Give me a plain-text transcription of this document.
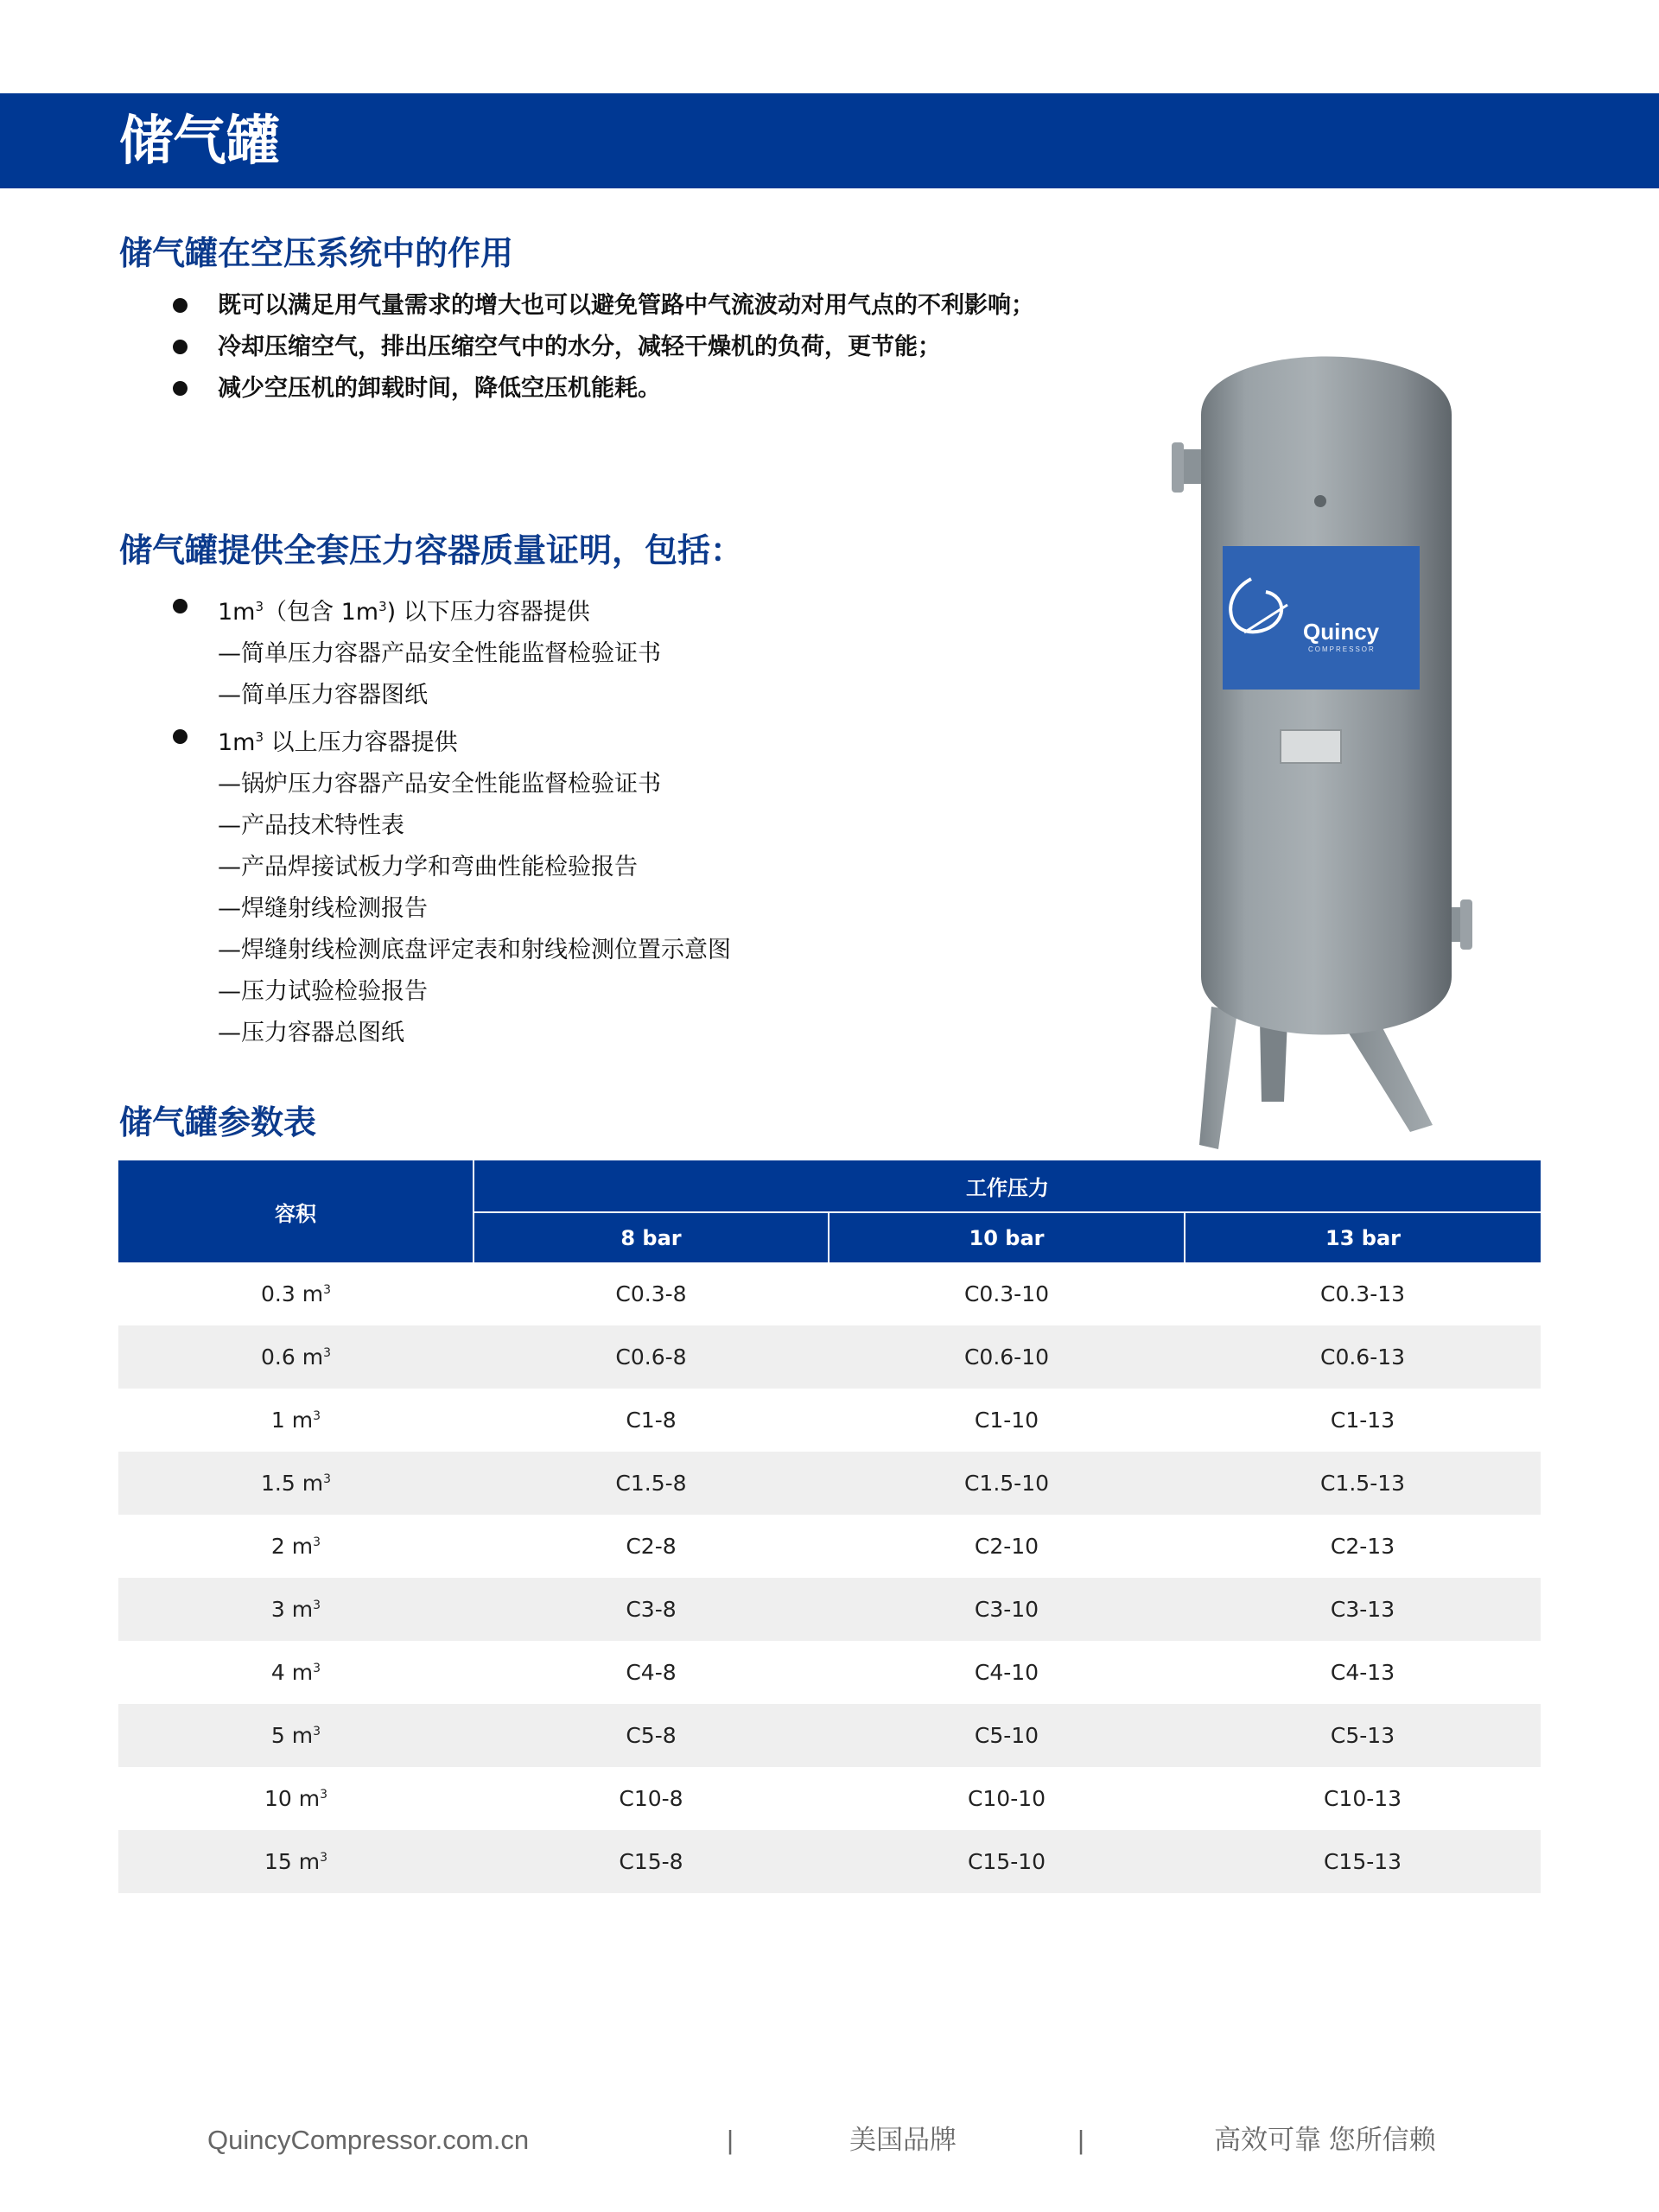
储气罐
储气罐在空压系统中的作用
既可以满足用气量需求的增大也可以避免管路中气流波动对用气点的不利影响；
冷却压缩空气，排出压缩空气中的水分，减轻干燥机的负荷，更节能；
减少空压机的卸载时间，降低空压机能耗。
储气罐提供全套压力容器质量证明，包括：
$1m^3$（包含 $1m^3$) 以下压力容器提供
—简单压力容器产品安全性能监督检验证书
—简单压力容器图纸
$1m^3$ 以上压力容器提供
—锅炉压力容器产品安全性能监督检验证书
—产品技术特性表
—产品焊接试板力学和弯曲性能检验报告
—焊缝射线检测报告
—焊缝射线检测底盘评定表和射线检测位置示意图
—压力试验检验报告
—压力容器总图纸
Quincy
COMPRESSOR
储气罐参数表
容积	工作压力		
	8 bar	10 bar	13 bar
0.3 $m^3$	C0.3-8	C0.3-10	C0.3-13
0.6 $m^3$	C0.6-8	C0.6-10	C0.6-13
1 $m^3$	C1-8	C1-10	C1-13
1.5 $m^3$	C1.5-8	C1.5-10	C1.5-13
2 $m^3$	C2-8	C2-10	C2-13
3 $m^3$	C3-8	C3-10	C3-13
4 $m^3$	C4-8	C4-10	C4-13
5 $m^3$	C5-8	C5-10	C5-13
10 $m^3$	C10-8	C10-10	C10-13
15 $m^3$	C15-8	C15-10	C15-13
QuincyCompressor.com.cn	|	美国品牌	|	高效可靠 您所信赖
